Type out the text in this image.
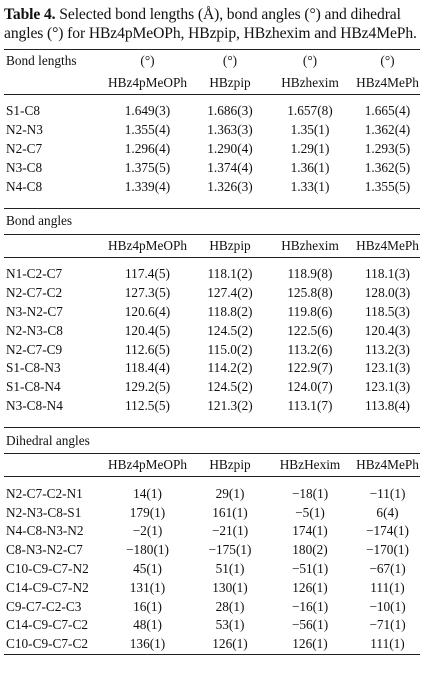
Table 4. Selected bond lengths (Å), bond angles (°) and dihedral angles (°) for HBz4pMeOPh, HBzpip, HBzhexim and HBz4MePh.

Bond lengths	(°)	(°)	(°)	(°)
	HBz4pMeOPh	HBzpip	HBzhexim	HBz4MePh

S1-C8	1.649(3)	1.686(3)	1.657(8)	1.665(4)
N2-N3	1.355(4)	1.363(3)	1.35(1)	1.362(4)
N2-C7	1.296(4)	1.290(4)	1.29(1)	1.293(5)
N3-C8	1.375(5)	1.374(4)	1.36(1)	1.362(5)
N4-C8	1.339(4)	1.326(3)	1.33(1)	1.355(5)

Bond angles				
	HBz4pMeOPh	HBzpip	HBzhexim	HBz4MePh

N1-C2-C7	117.4(5)	118.1(2)	118.9(8)	118.1(3)
N2-C7-C2	127.3(5)	127.4(2)	125.8(8)	128.0(3)
N3-N2-C7	120.6(4)	118.8(2)	119.8(6)	118.5(3)
N2-N3-C8	120.4(5)	124.5(2)	122.5(6)	120.4(3)
N2-C7-C9	112.6(5)	115.0(2)	113.2(6)	113.2(3)
S1-C8-N3	118.4(4)	114.2(2)	122.9(7)	123.1(3)
S1-C8-N4	129.2(5)	124.5(2)	124.0(7)	123.1(3)
N3-C8-N4	112.5(5)	121.3(2)	113.1(7)	113.8(4)

Dihedral angles				
	HBz4pMeOPh	HBzpip	HBzHexim	HBz4MePh

N2-C7-C2-N1	14(1)	29(1)	−18(1)	−11(1)
N2-N3-C8-S1	179(1)	161(1)	−5(1)	6(4)
N4-C8-N3-N2	−2(1)	−21(1)	174(1)	−174(1)
C8-N3-N2-C7	−180(1)	−175(1)	180(2)	−170(1)
C10-C9-C7-N2	45(1)	51(1)	−51(1)	−67(1)
C14-C9-C7-N2	131(1)	130(1)	126(1)	111(1)
C9-C7-C2-C3	16(1)	28(1)	−16(1)	−10(1)
C14-C9-C7-C2	48(1)	53(1)	−56(1)	−71(1)
C10-C9-C7-C2	136(1)	126(1)	126(1)	111(1)
